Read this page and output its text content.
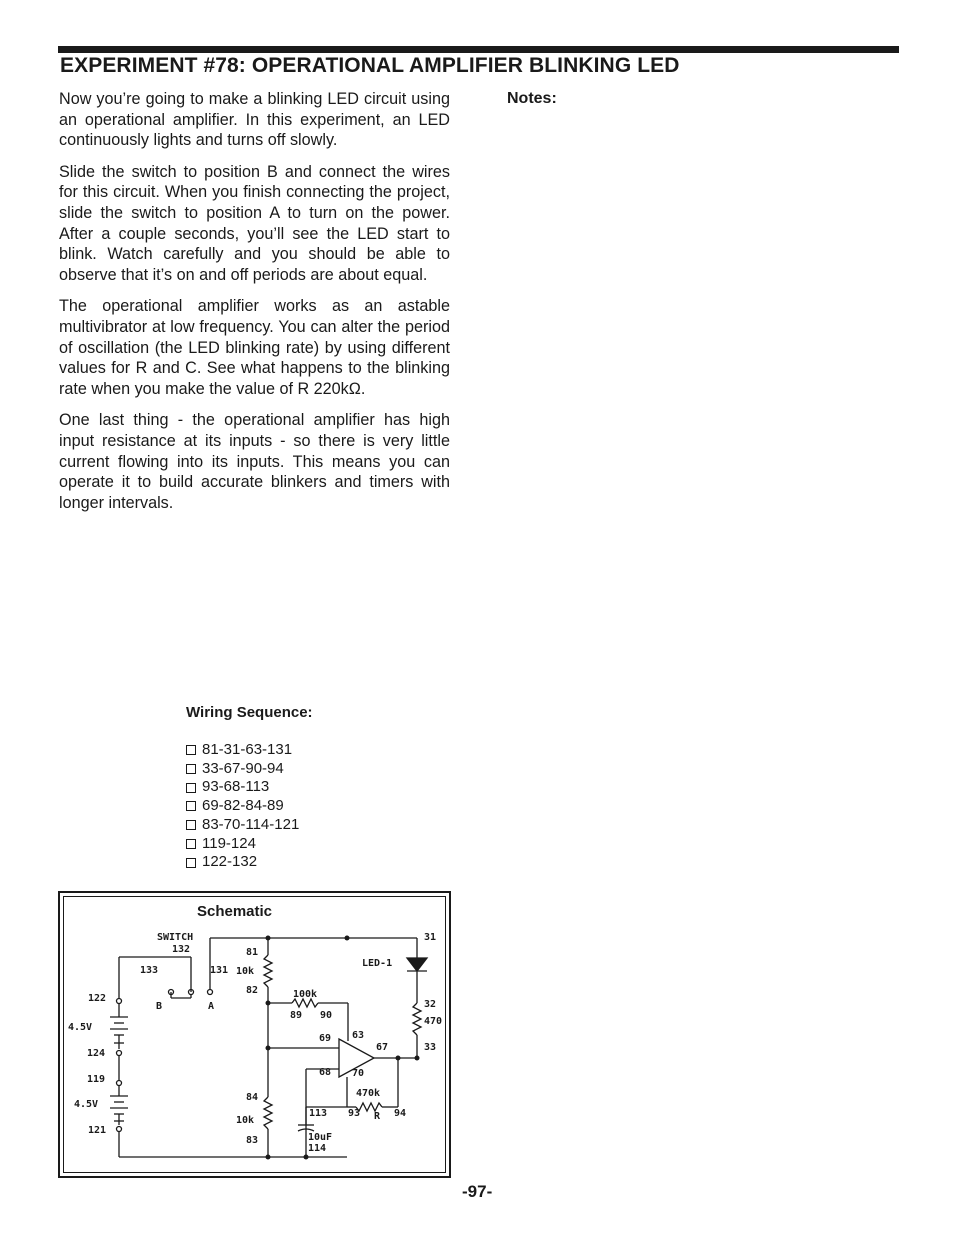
EXPERIMENT #78: OPERATIONAL AMPLIFIER BLINKING LED

Now you’re going to make a blinking LED circuit using an operational amplifier. In this experiment, an LED continuously lights and turns off slowly.

Slide the switch to position B and connect the wires for this circuit. When you finish connecting the project, slide the switch to position A to turn on the power. After a couple seconds, you’ll see the LED start to blink. Watch carefully and you should be able to observe that it’s on and off periods are about equal.

The operational amplifier works as an astable multivibrator at low frequency. You can alter the period of oscillation (the LED blinking rate) by using different values for R and C. See what happens to the blinking rate when you make the value of R 220kΩ.

One last thing - the operational amplifier has high input resistance at its inputs - so there is very little current flowing into its inputs. This means you can operate it to build accurate blinkers and timers with longer intervals.

Notes:
Wiring Sequence:
81-31-63-131
33-67-90-94
93-68-113
69-82-84-89
83-70-114-121
119-124
122-132
Schematic
SWITCH
132
133	131
B	A
81
10k
82
31
LED-1
122
4.5V
124
119
4.5V
121
100k
89 90
32
470
33
69 63
67
68 70
84
10k
83
470k
93 R 94
113
10uF
114
-97-
